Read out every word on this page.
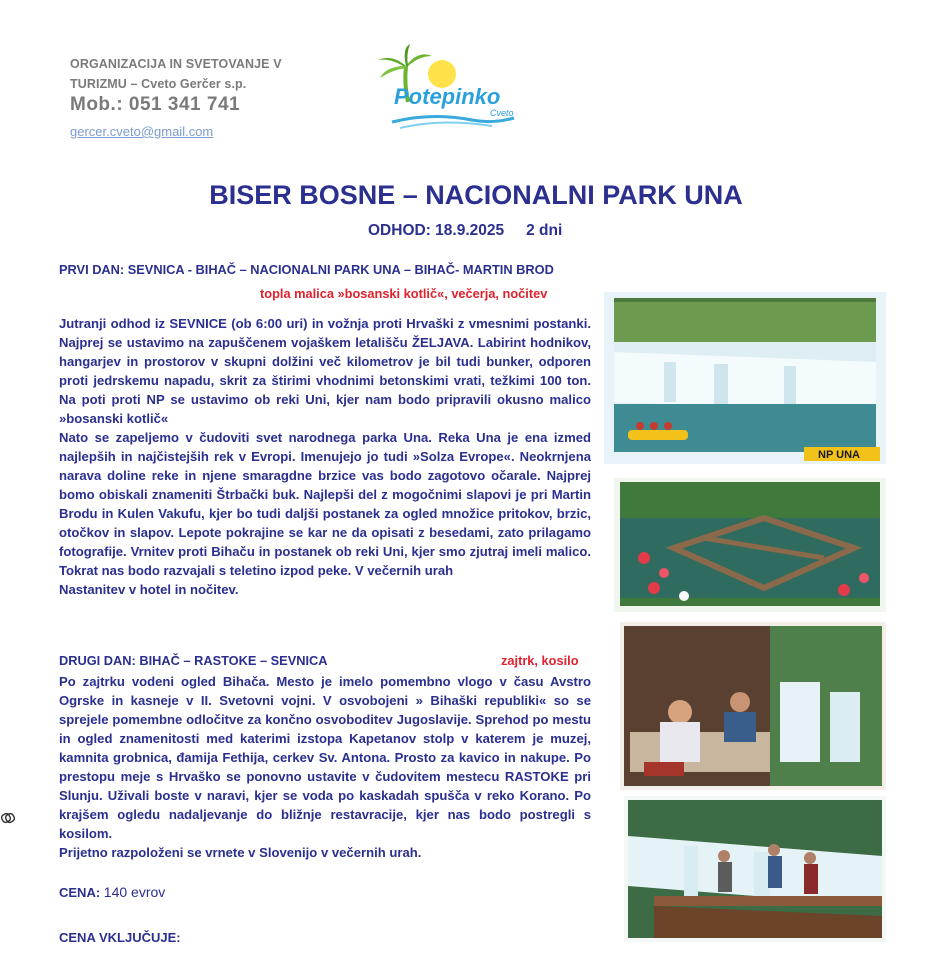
ORGANIZACIJA IN SVETOVANJE V
TURIZMU – Cveto Gerčer s.p.
Mob.: 051 341 741
gercer.cveto@gmail.com
Potepinko
Cveto
BISER BOSNE – NACIONALNI PARK UNA
ODHOD: 18.9.2025 2 dni
PRVI DAN: SEVNICA - BIHAČ – NACIONALNI PARK UNA – BIHAČ- MARTIN BROD
topla malica »bosanski kotlič«, večerja, nočitev

Jutranji odhod iz SEVNICE (ob 6:00 uri) in vožnja proti Hrvaški z vmesnimi postanki. Najprej se ustavimo na zapuščenem vojaškem letališču ŽELJAVA. Labirint hodnikov, hangarjev in prostorov v skupni dolžini več kilometrov je bil tudi bunker, odporen proti jedrskemu napadu, skrit za štirimi vhodnimi betonskimi vrati, težkimi 100 ton. Na poti proti NP se ustavimo ob reki Uni, kjer nam bodo pripravili okusno malico »bosanski kotlič«

Nato se zapeljemo v čudoviti svet narodnega parka Una. Reka Una je ena izmed najlepših in najčistejših rek v Evropi. Imenujejo jo tudi »Solza Evrope«. Neokrnjena narava doline reke in njene smaragdne brzice vas bodo zagotovo očarale. Najprej bomo obiskali znameniti Štrbački buk. Najlepši del z mogočnimi slapovi je pri Martin Brodu in Kulen Vakufu, kjer bo tudi dalјši postanek za ogled množice pritokov, brzic, otočkov in slapov. Lepote pokrajine se kar ne da opisati z besedami, zato prilagamo fotografije. Vrnitev proti Bihaču in postanek ob reki Uni, kjer smo zjutraj imeli malico. Tokrat nas bodo razvajali s teletino izpod peke. V večernih urah

Nastanitev v hotel in nočitev.

DRUGI DAN: BIHAČ – RASTOKE – SEVNICA	zajtrk, kosilo

Po zajtrku vodeni ogled Bihača. Mesto je imelo pomembno vlogo v času Avstro Ogrske in kasneje v II. Svetovni vojni. V osvobojeni » Bihaški republiki« so se sprejele pomembne odločitve za končno osvoboditev Jugoslavije. Sprehod po mestu in ogled znamenitosti med katerimi izstopa Kapetanov stolp v katerem je muzej, kamnita grobnica, đamija Fethija, cerkev Sv. Antona. Prosto za kavico in nakupe. Po prestopu meje s Hrvaško se ponovno ustavite v čudovitem mestecu RASTOKE pri Slunju. Uživali boste v naravi, kjer se voda po kaskadah spušča v reko Korano. Po krajšem ogledu nadaljevanje do bližnje restavracije, kjer nas bodo postregli s kosilom.

Prijetno razpoloženi se vrnete v Slovenijo v večernih urah.

CENA: 140 evrov
CENA VKLJUČUJE:
NP UNA
